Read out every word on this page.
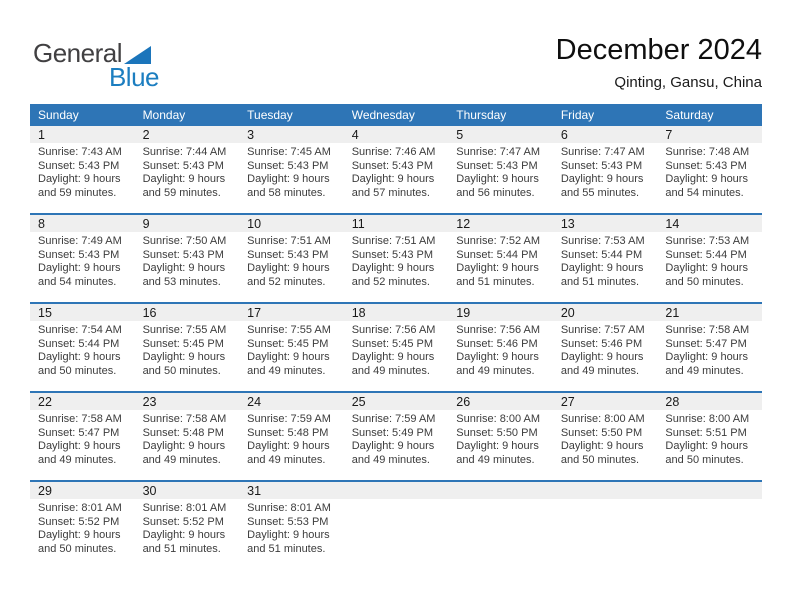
General
Blue
December 2024
Qinting, Gansu, China
Sunday	Monday	Tuesday	Wednesday	Thursday	Friday	Saturday
1	2	3	4	5	6	7
Sunrise: 7:43 AM
Sunset: 5:43 PM
Daylight: 9 hours
and 59 minutes.
Sunrise: 7:44 AM
Sunset: 5:43 PM
Daylight: 9 hours
and 59 minutes.
Sunrise: 7:45 AM
Sunset: 5:43 PM
Daylight: 9 hours
and 58 minutes.
Sunrise: 7:46 AM
Sunset: 5:43 PM
Daylight: 9 hours
and 57 minutes.
Sunrise: 7:47 AM
Sunset: 5:43 PM
Daylight: 9 hours
and 56 minutes.
Sunrise: 7:47 AM
Sunset: 5:43 PM
Daylight: 9 hours
and 55 minutes.
Sunrise: 7:48 AM
Sunset: 5:43 PM
Daylight: 9 hours
and 54 minutes.
8	9	10	11	12	13	14
Sunrise: 7:49 AM
Sunset: 5:43 PM
Daylight: 9 hours
and 54 minutes.
Sunrise: 7:50 AM
Sunset: 5:43 PM
Daylight: 9 hours
and 53 minutes.
Sunrise: 7:51 AM
Sunset: 5:43 PM
Daylight: 9 hours
and 52 minutes.
Sunrise: 7:51 AM
Sunset: 5:43 PM
Daylight: 9 hours
and 52 minutes.
Sunrise: 7:52 AM
Sunset: 5:44 PM
Daylight: 9 hours
and 51 minutes.
Sunrise: 7:53 AM
Sunset: 5:44 PM
Daylight: 9 hours
and 51 minutes.
Sunrise: 7:53 AM
Sunset: 5:44 PM
Daylight: 9 hours
and 50 minutes.
15	16	17	18	19	20	21
Sunrise: 7:54 AM
Sunset: 5:44 PM
Daylight: 9 hours
and 50 minutes.
Sunrise: 7:55 AM
Sunset: 5:45 PM
Daylight: 9 hours
and 50 minutes.
Sunrise: 7:55 AM
Sunset: 5:45 PM
Daylight: 9 hours
and 49 minutes.
Sunrise: 7:56 AM
Sunset: 5:45 PM
Daylight: 9 hours
and 49 minutes.
Sunrise: 7:56 AM
Sunset: 5:46 PM
Daylight: 9 hours
and 49 minutes.
Sunrise: 7:57 AM
Sunset: 5:46 PM
Daylight: 9 hours
and 49 minutes.
Sunrise: 7:58 AM
Sunset: 5:47 PM
Daylight: 9 hours
and 49 minutes.
22	23	24	25	26	27	28
Sunrise: 7:58 AM
Sunset: 5:47 PM
Daylight: 9 hours
and 49 minutes.
Sunrise: 7:58 AM
Sunset: 5:48 PM
Daylight: 9 hours
and 49 minutes.
Sunrise: 7:59 AM
Sunset: 5:48 PM
Daylight: 9 hours
and 49 minutes.
Sunrise: 7:59 AM
Sunset: 5:49 PM
Daylight: 9 hours
and 49 minutes.
Sunrise: 8:00 AM
Sunset: 5:50 PM
Daylight: 9 hours
and 49 minutes.
Sunrise: 8:00 AM
Sunset: 5:50 PM
Daylight: 9 hours
and 50 minutes.
Sunrise: 8:00 AM
Sunset: 5:51 PM
Daylight: 9 hours
and 50 minutes.
29	30	31
Sunrise: 8:01 AM
Sunset: 5:52 PM
Daylight: 9 hours
and 50 minutes.
Sunrise: 8:01 AM
Sunset: 5:52 PM
Daylight: 9 hours
and 51 minutes.
Sunrise: 8:01 AM
Sunset: 5:53 PM
Daylight: 9 hours
and 51 minutes.
